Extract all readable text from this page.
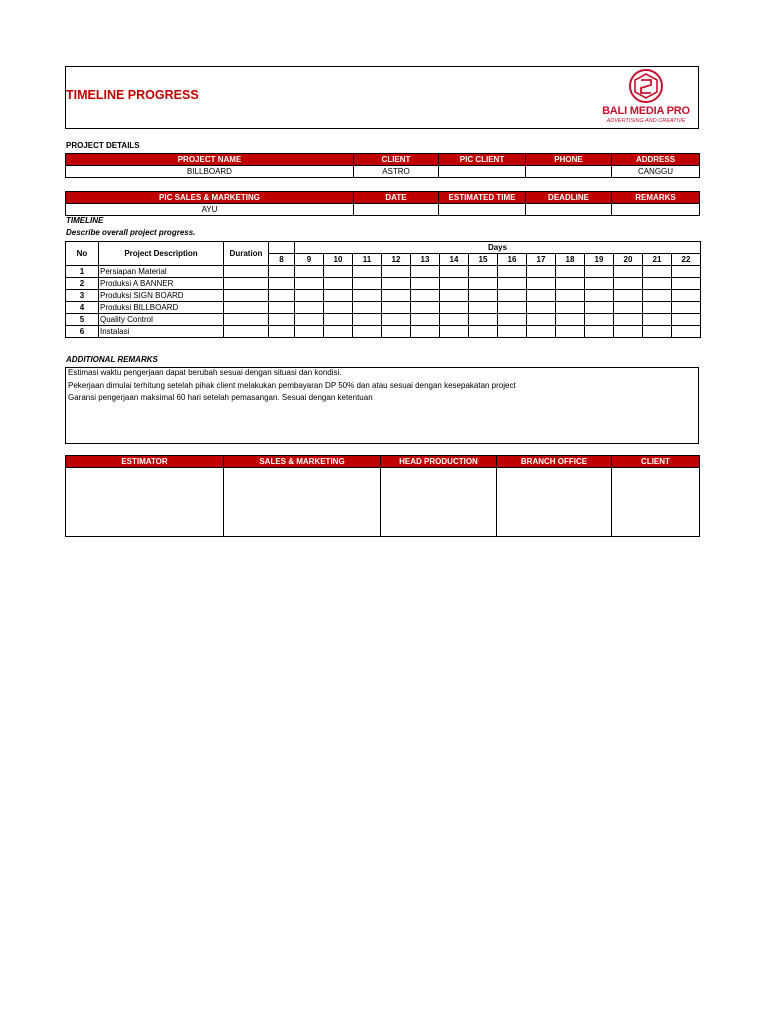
TIMELINE PROGRESS
BALI MEDIA PRO
ADVERTISING AND CREATIVE
PROJECT DETAILS
PROJECT NAME	CLIENT	PIC CLIENT	PHONE	ADDRESS
BILLBOARD	ASTRO			CANGGU
PIC SALES & MARKETING	DATE	ESTIMATED TIME	DEADLINE	REMARKS
AYU				
TIMELINE
Describe overall project progress.
No	Project Description	Duration		Days													
			8	9	10	11	12	13	14	15	16	17	18	19	20	21	22
1	Persiapan Material																
2	Produksi A BANNER																
3	Produksi SIGN BOARD																
4	Produksi BILLBOARD																
5	Quality Control																
6	Instalasi																
ADDITIONAL REMARKS
Estimasi waktu pengerjaan dapat berubah sesuai dengan situasi dan kondisi.
Pekerjaan dimulai terhitung setelah pihak client melakukan pembayaran DP 50% dan atau sesuai dengan kesepakatan project
Garansi pengerjaan maksimal 60 hari setelah pemasangan. Sesuai dengan ketentuan
ESTIMATOR	SALES & MARKETING	HEAD PRODUCTION	BRANCH OFFICE	CLIENT
